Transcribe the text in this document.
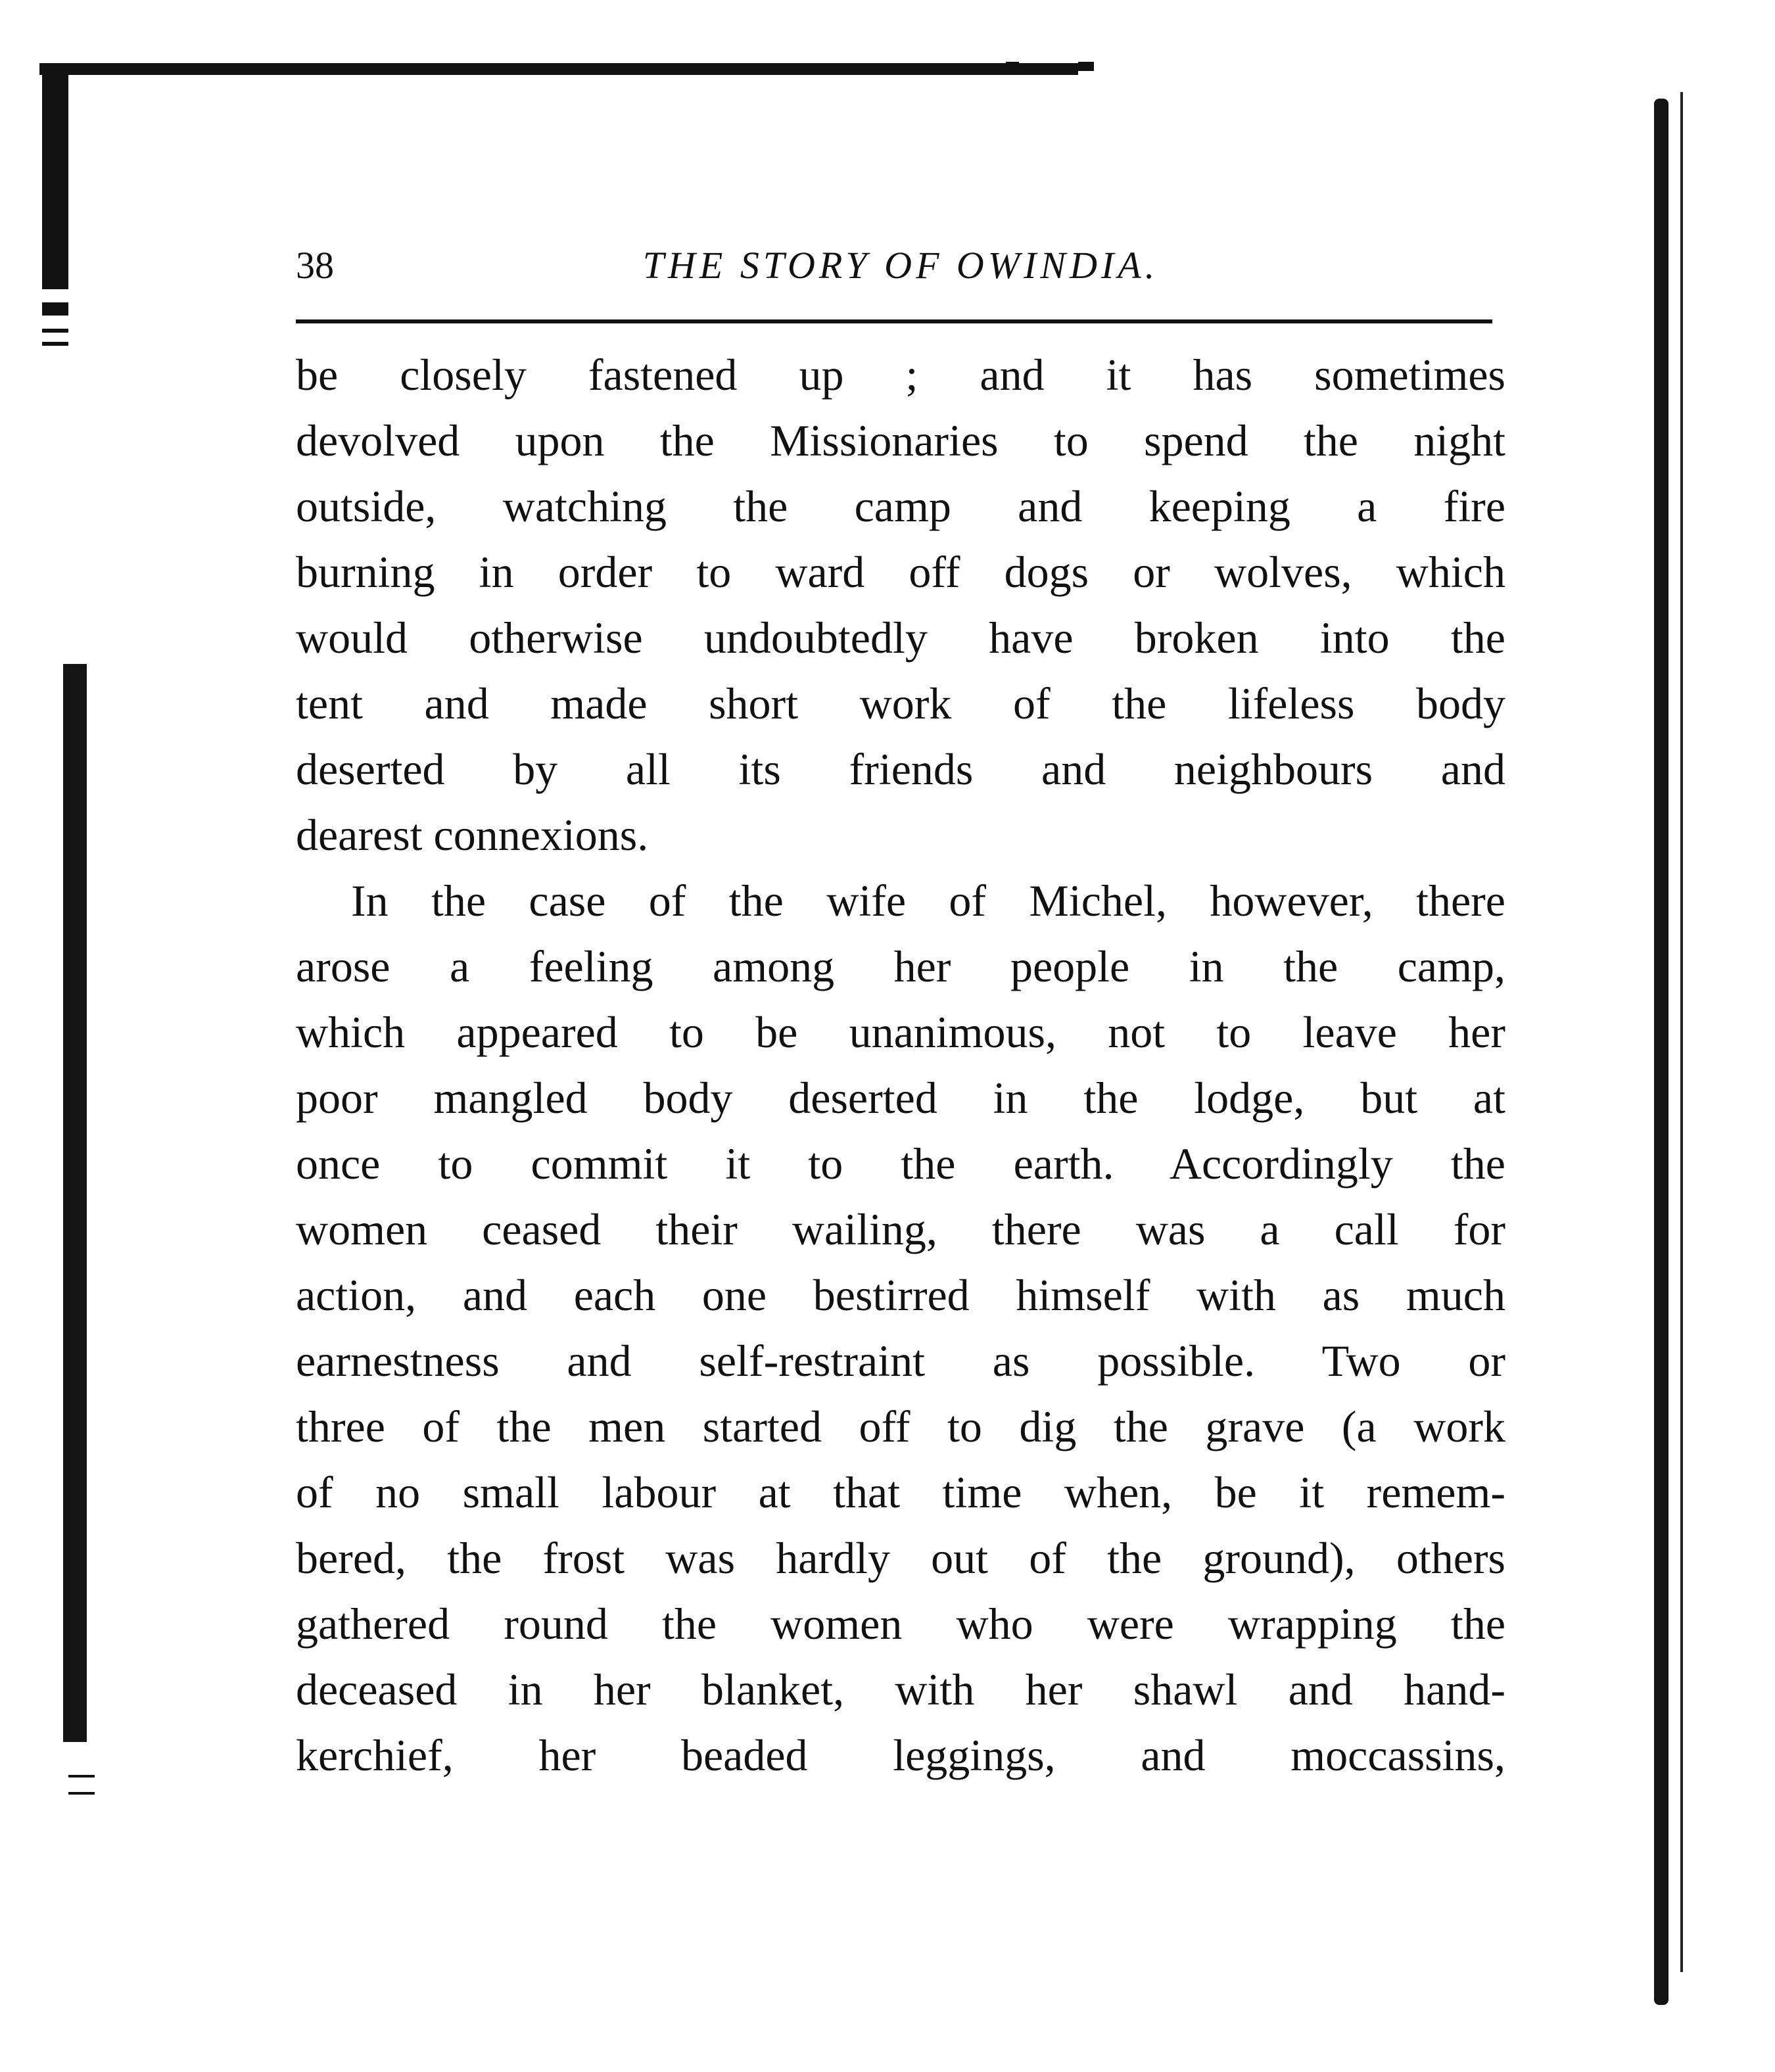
38	THE STORY OF OWINDIA.
be closely fastened up ; and it has sometimes
devolved upon the Missionaries to spend the night
outside, watching the camp and keeping a fire
burning in order to ward off dogs or wolves, which
would otherwise undoubtedly have broken into the
tent and made short work of the lifeless body
deserted by all its friends and neighbours and
dearest connexions.
In the case of the wife of Michel, however, there
arose a feeling among her people in the camp,
which appeared to be unanimous, not to leave her
poor mangled body deserted in the lodge, but at
once to commit it to the earth. Accordingly the
women ceased their wailing, there was a call for
action, and each one bestirred himself with as much
earnestness and self-restraint as possible. Two or
three of the men started off to dig the grave (a work
of no small labour at that time when, be it remem-
bered, the frost was hardly out of the ground), others
gathered round the women who were wrapping the
deceased in her blanket, with her shawl and hand-
kerchief, her beaded leggings, and moccassins,
